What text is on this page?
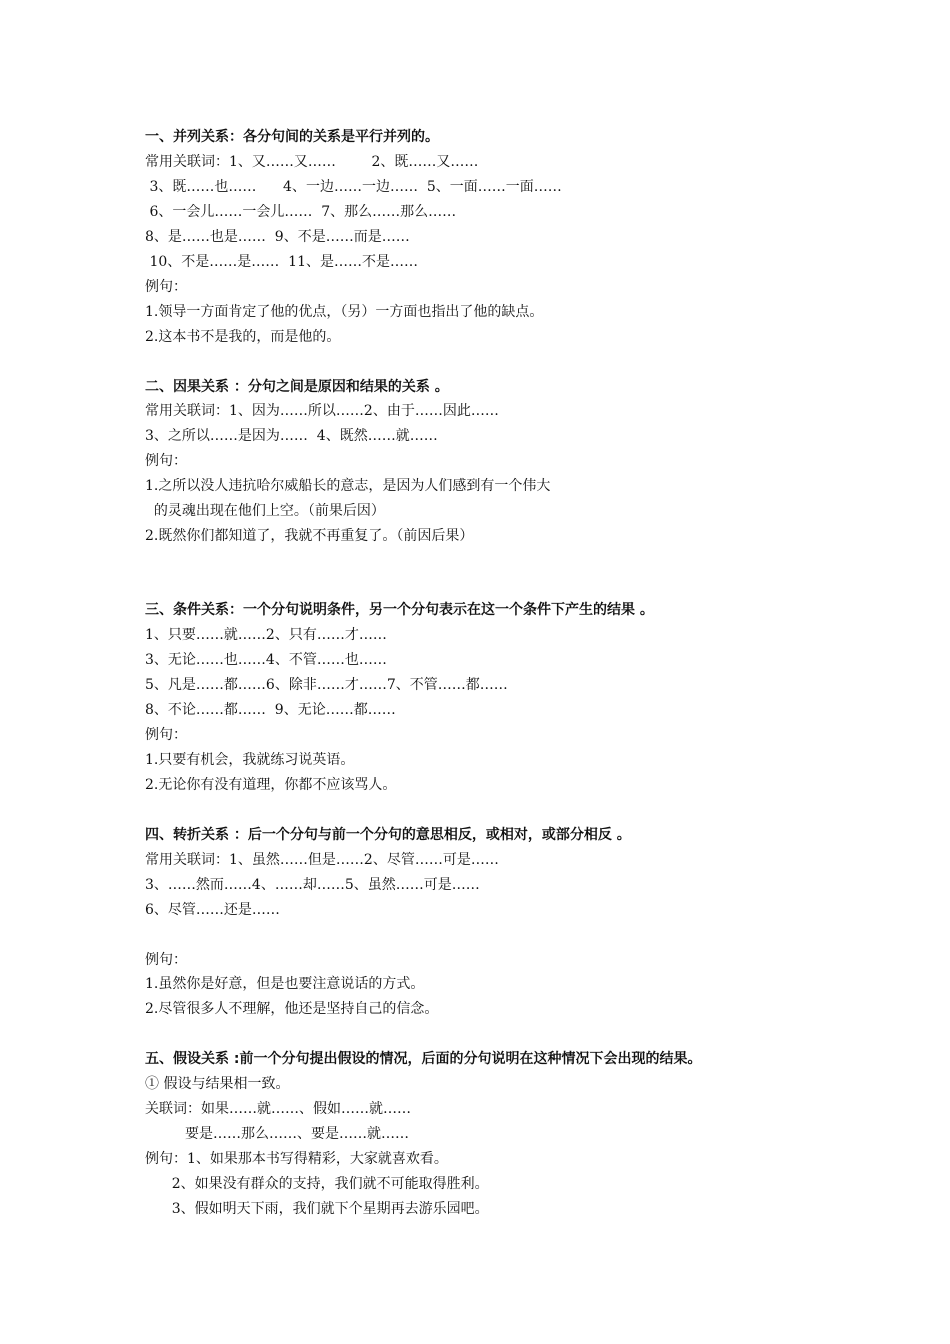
一、并列关系：各分句间的关系是平行并列的。
常用关联词：1、又……又……        2、既……又……
3、既……也……      4、一边……一边……  5、一面……一面……
6、一会儿……一会儿……  7、那么……那么……
8、是……也是……  9、不是……而是……
10、不是……是……  11、是……不是……
例句：
1.领导一方面肯定了他的优点，（另）一方面也指出了他的缺点。
2.这本书不是我的，而是他的。
二、因果关系 ：分句之间是原因和结果的关系 。
常用关联词：1、因为……所以……2、由于……因此……
3、之所以……是因为……  4、既然……就……
例句：
1.之所以没人违抗哈尔威船长的意志，是因为人们感到有一个伟大
的灵魂出现在他们上空。（前果后因）
2.既然你们都知道了，我就不再重复了。（前因后果）
三、条件关系：一个分句说明条件，另一个分句表示在这一个条件下产生的结果 。
1、只要……就……2、只有……才……
3、无论……也……4、不管……也……
5、凡是……都……6、除非……才……7、不管……都……
8、不论……都……  9、无论……都……
例句：
1.只要有机会，我就练习说英语。
2.无论你有没有道理，你都不应该骂人。
四、转折关系 ：后一个分句与前一个分句的意思相反，或相对，或部分相反 。
常用关联词：1、虽然……但是……2、尽管……可是……
3、……然而……4、……却……5、虽然……可是……
6、尽管……还是……
例句：
1.虽然你是好意，但是也要注意说话的方式。
2.尽管很多人不理解，他还是坚持自己的信念。
五、假设关系 :前一个分句提出假设的情况，后面的分句说明在这种情况下会出现的结果。
① 假设与结果相一致。
关联词：如果……就……、假如……就……
要是……那么……、要是……就……
例句：1、如果那本书写得精彩，大家就喜欢看。
2、如果没有群众的支持，我们就不可能取得胜利。
3、假如明天下雨，我们就下个星期再去游乐园吧。
